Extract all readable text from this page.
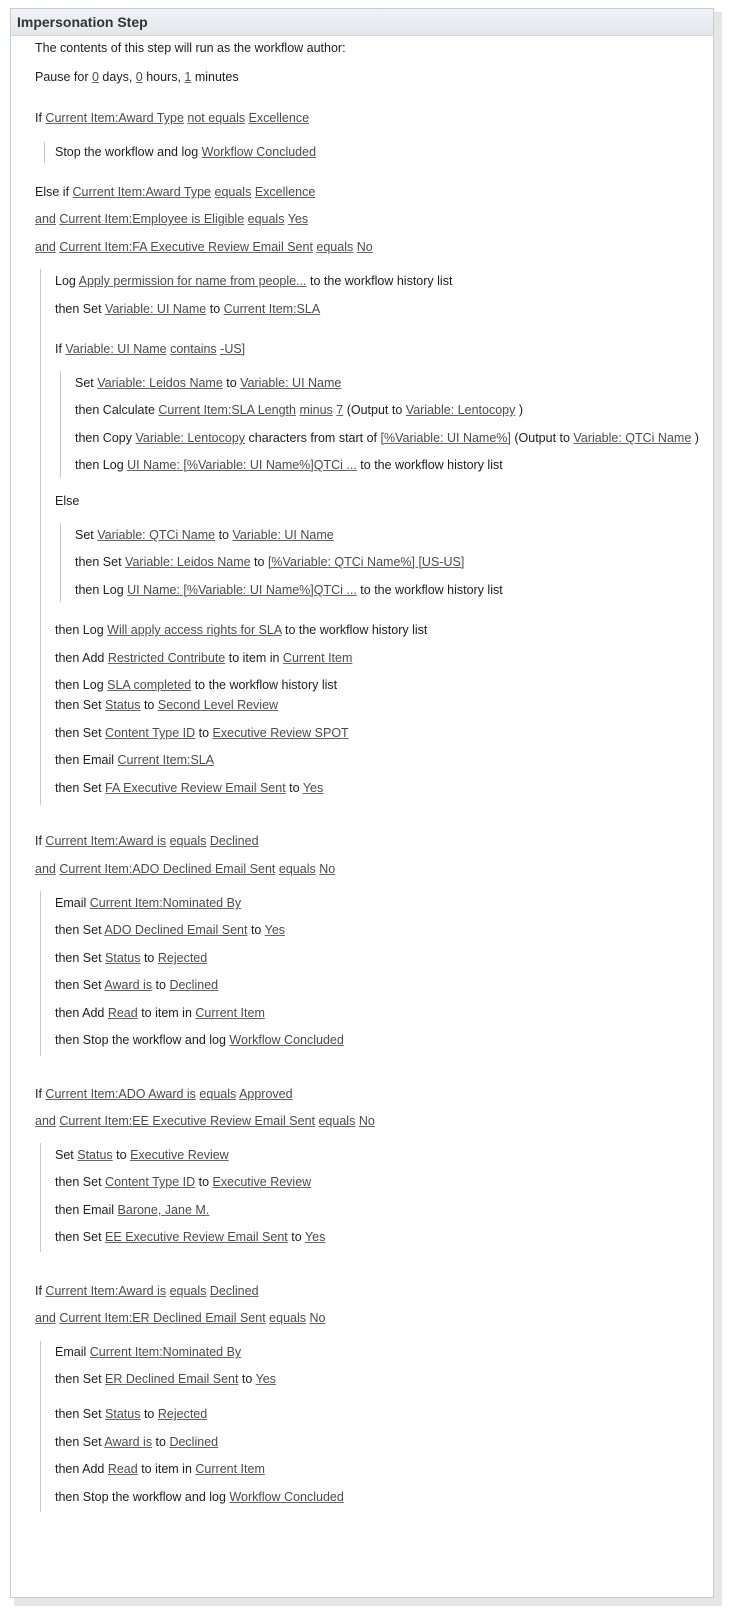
Impersonation Step
The contents of this step will run as the workflow author:
Pause for 0 days, 0 hours, 1 minutes
If Current Item:Award Type not equals Excellence
Stop the workflow and log Workflow Concluded
Else if Current Item:Award Type equals Excellence
and Current Item:Employee is Eligible equals Yes
and Current Item:FA Executive Review Email Sent equals No
Log Apply permission for name from people... to the workflow history list
then Set Variable: UI Name to Current Item:SLA
If Variable: UI Name contains -US]
Set Variable: Leidos Name to Variable: UI Name
then Calculate Current Item:SLA Length minus 7 (Output to Variable: Lentocopy )
then Copy Variable: Lentocopy characters from start of [%Variable: UI Name%] (Output to Variable: QTCi Name )
then Log UI Name: [%Variable: UI Name%]QTCi ... to the workflow history list
Else
Set Variable: QTCi Name to Variable: UI Name
then Set Variable: Leidos Name to [%Variable: QTCi Name%] [US-US]
then Log UI Name: [%Variable: UI Name%]QTCi ... to the workflow history list
then Log Will apply access rights for SLA to the workflow history list
then Add Restricted Contribute to item in Current Item
then Log SLA completed to the workflow history list
then Set Status to Second Level Review
then Set Content Type ID to Executive Review SPOT
then Email Current Item:SLA
then Set FA Executive Review Email Sent to Yes
If Current Item:Award is equals Declined
and Current Item:ADO Declined Email Sent equals No
Email Current Item:Nominated By
then Set ADO Declined Email Sent to Yes
then Set Status to Rejected
then Set Award is to Declined
then Add Read to item in Current Item
then Stop the workflow and log Workflow Concluded
If Current Item:ADO Award is equals Approved
and Current Item:EE Executive Review Email Sent equals No
Set Status to Executive Review
then Set Content Type ID to Executive Review
then Email Barone, Jane M.
then Set EE Executive Review Email Sent to Yes
If Current Item:Award is equals Declined
and Current Item:ER Declined Email Sent equals No
Email Current Item:Nominated By
then Set ER Declined Email Sent to Yes
then Set Status to Rejected
then Set Award is to Declined
then Add Read to item in Current Item
then Stop the workflow and log Workflow Concluded
